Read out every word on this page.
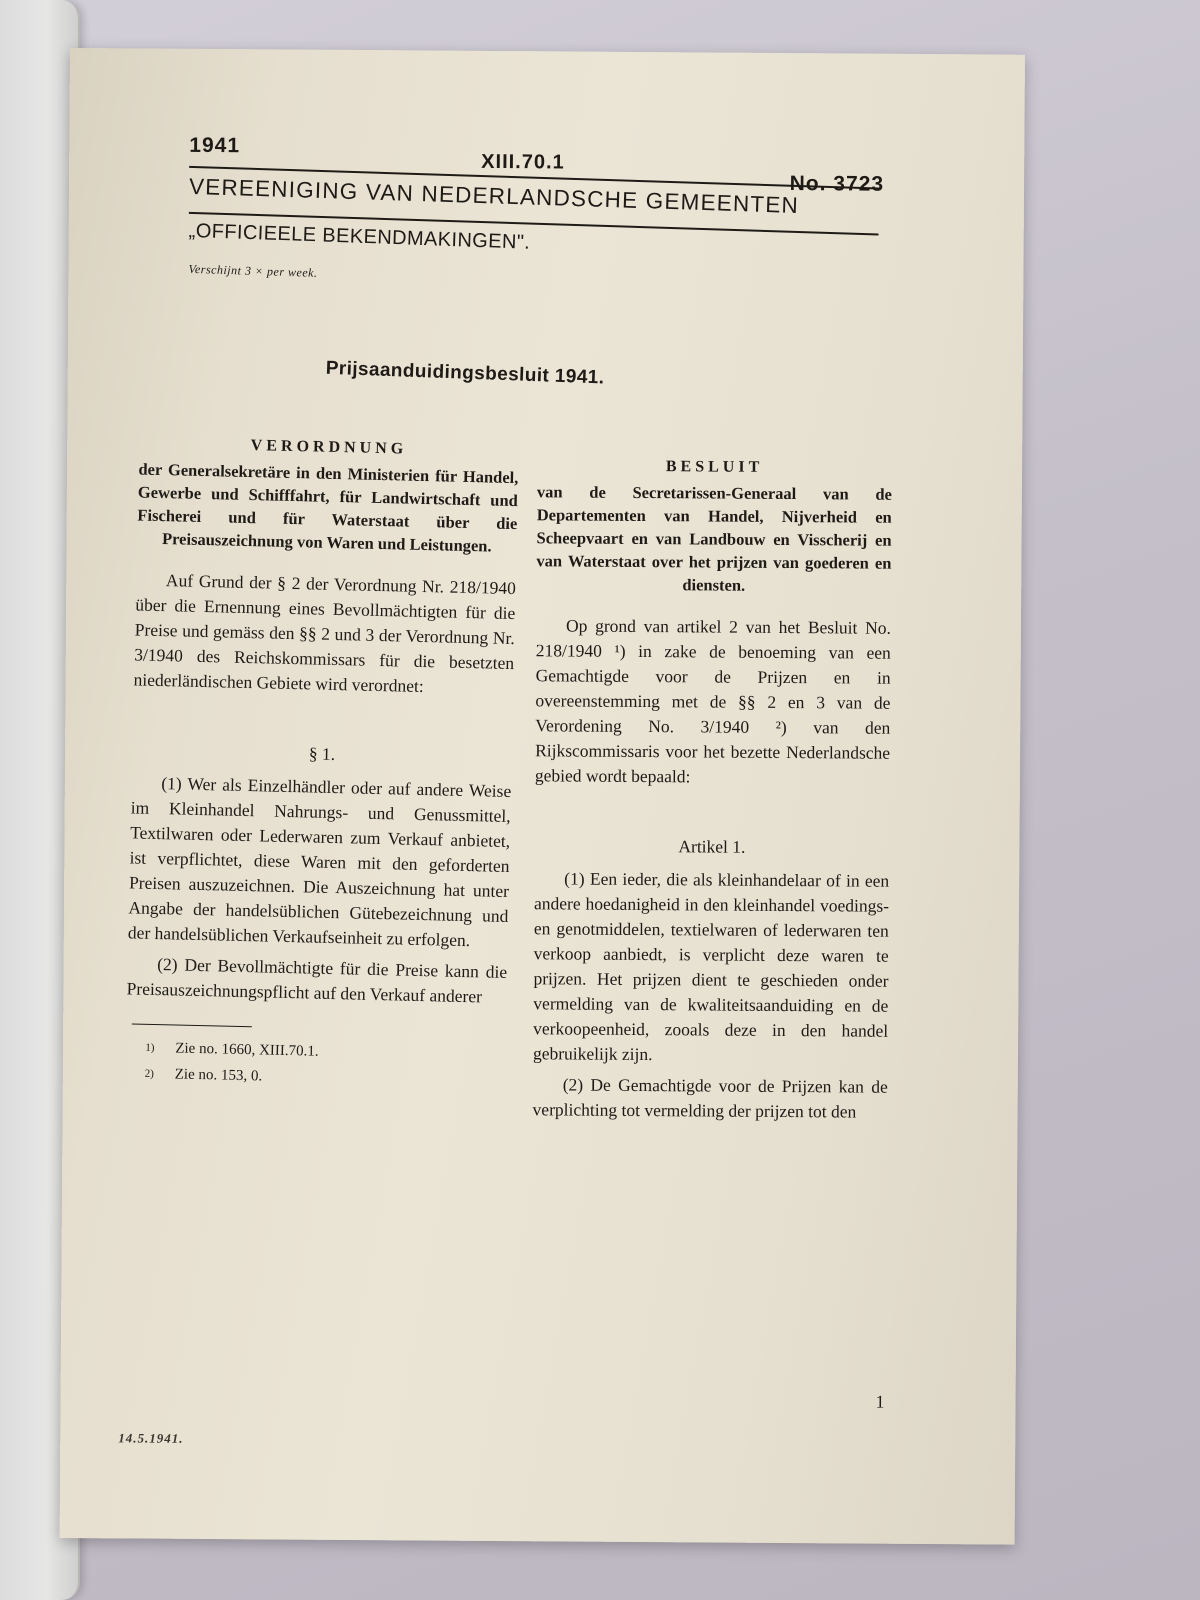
1941
XIII.70.1
No. 3723
VEREENIGING VAN NEDERLANDSCHE GEMEENTEN
„OFFICIEELE BEKENDMAKINGEN".
Verschijnt 3 × per week.
Prijsaanduidingsbesluit 1941.
VERORDNUNG
der Generalsekretäre in den Ministerien für Handel, Gewerbe und Schifffahrt, für Landwirtschaft und Fischerei und für Waterstaat über die Preisauszeichnung von Waren und Leistungen.

Auf Grund der § 2 der Verordnung Nr. 218/1940 über die Ernennung eines Bevollmächtigten für die Preise und gemäss den §§ 2 und 3 der Verordnung Nr. 3/1940 des Reichskommissars für die besetzten niederländischen Gebiete wird verordnet:

§ 1.

(1) Wer als Einzelhändler oder auf andere Weise im Kleinhandel Nahrungs- und Genussmittel, Textilwaren oder Lederwaren zum Verkauf anbietet, ist verpflichtet, diese Waren mit den geforderten Preisen auszuzeichnen. Die Auszeichnung hat unter Angabe der handelsüblichen Gütebezeichnung und der handelsüblichen Verkaufseinheit zu erfolgen.

(2) Der Bevollmächtigte für die Preise kann die Preisauszeichnungspflicht auf den Verkauf anderer

1) Zie no. 1660, XIII.70.1.
2) Zie no. 153, 0.
BESLUIT
van de Secretarissen-Generaal van de Departementen van Handel, Nijverheid en Scheepvaart en van Landbouw en Visscherij en van Waterstaat over het prijzen van goederen en diensten.

Op grond van artikel 2 van het Besluit No. 218/1940 ¹) in zake de benoeming van een Gemachtigde voor de Prijzen en in overeenstemming met de §§ 2 en 3 van de Verordening No. 3/1940 ²) van den Rijkscommissaris voor het bezette Nederlandsche gebied wordt bepaald:

Artikel 1.

(1) Een ieder, die als kleinhandelaar of in een andere hoedanigheid in den kleinhandel voedings- en genotmiddelen, textielwaren of lederwaren ten verkoop aanbiedt, is verplicht deze waren te prijzen. Het prijzen dient te geschieden onder vermelding van de kwaliteitsaanduiding en de verkoopeenheid, zooals deze in den handel gebruikelijk zijn.

(2) De Gemachtigde voor de Prijzen kan de verplichting tot vermelding der prijzen tot den

1
14.5.1941.
